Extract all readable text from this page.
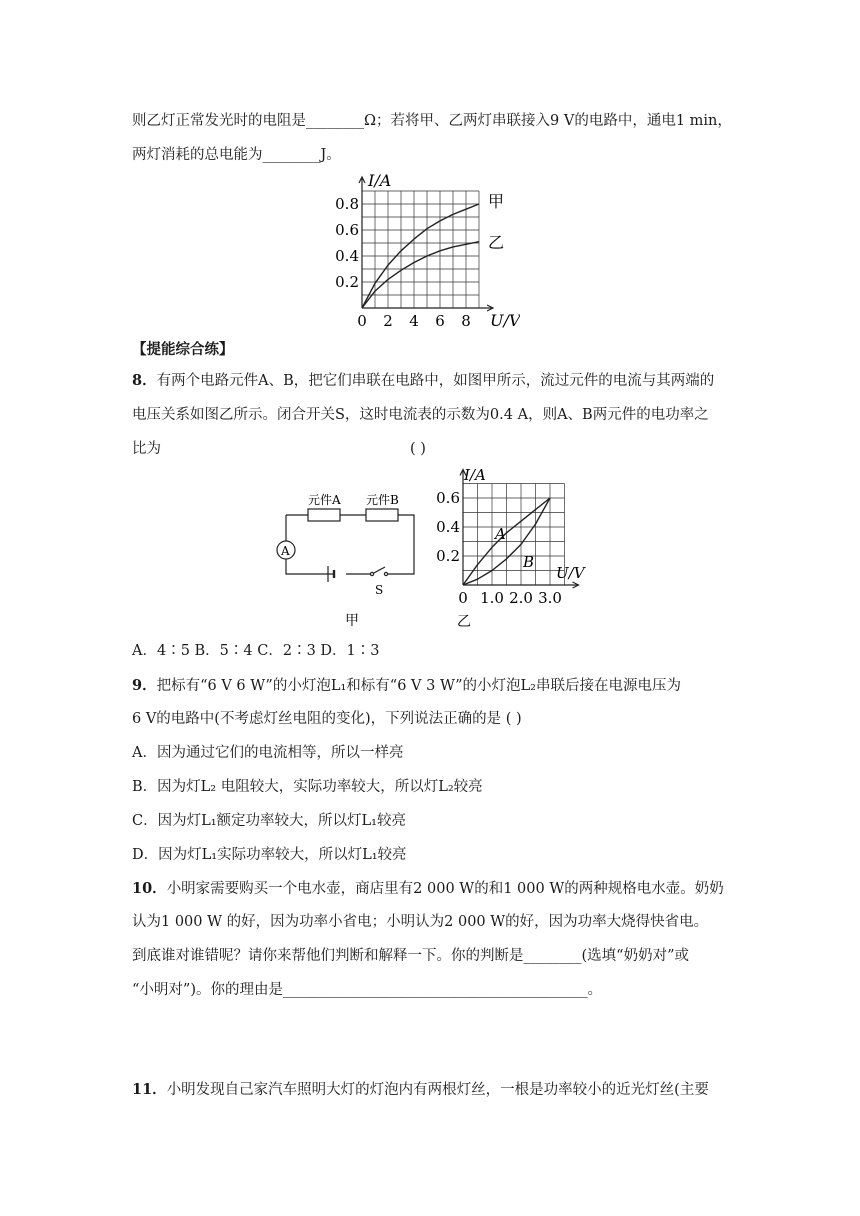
则乙灯正常发光时的电阻是________Ω；若将甲、乙两灯串联接入9 V的电路中，通电1 min，
两灯消耗的总电能为________J。
0 2 4 6 8
0.2
0.4
0.6
0.8
I/A
U/V
甲
乙
【提能综合练】
8．有两个电路元件A、B，把它们串联在电路中，如图甲所示，流过元件的电流与其两端的
电压关系如图乙所示。闭合开关S，这时电流表的示数为0.4 A，则A、B两元件的电功率之
比为	( )
元件A 元件B
A
S
甲
0 1.0 2.0 3.0
0.2
0.4
0.6
I/A
U/V
A
B
乙
A．4∶5 B．5∶4 C．2∶3 D．1∶3
9．把标有“6 V 6 W”的小灯泡L₁和标有“6 V 3 W”的小灯泡L₂串联后接在电源电压为
6 V的电路中(不考虑灯丝电阻的变化)，下列说法正确的是 ( )
A．因为通过它们的电流相等，所以一样亮
B．因为灯L₂ 电阻较大，实际功率较大，所以灯L₂较亮
C．因为灯L₁额定功率较大，所以灯L₁较亮
D．因为灯L₁实际功率较大，所以灯L₁较亮
10．小明家需要购买一个电水壶，商店里有2 000 W的和1 000 W的两种规格电水壶。奶奶
认为1 000 W 的好，因为功率小省电；小明认为2 000 W的好，因为功率大烧得快省电。
到底谁对谁错呢？请你来帮他们判断和解释一下。你的判断是________(选填“奶奶对”或
“小明对”)。你的理由是__________________________________________。
11．小明发现自己家汽车照明大灯的灯泡内有两根灯丝，一根是功率较小的近光灯丝(主要
